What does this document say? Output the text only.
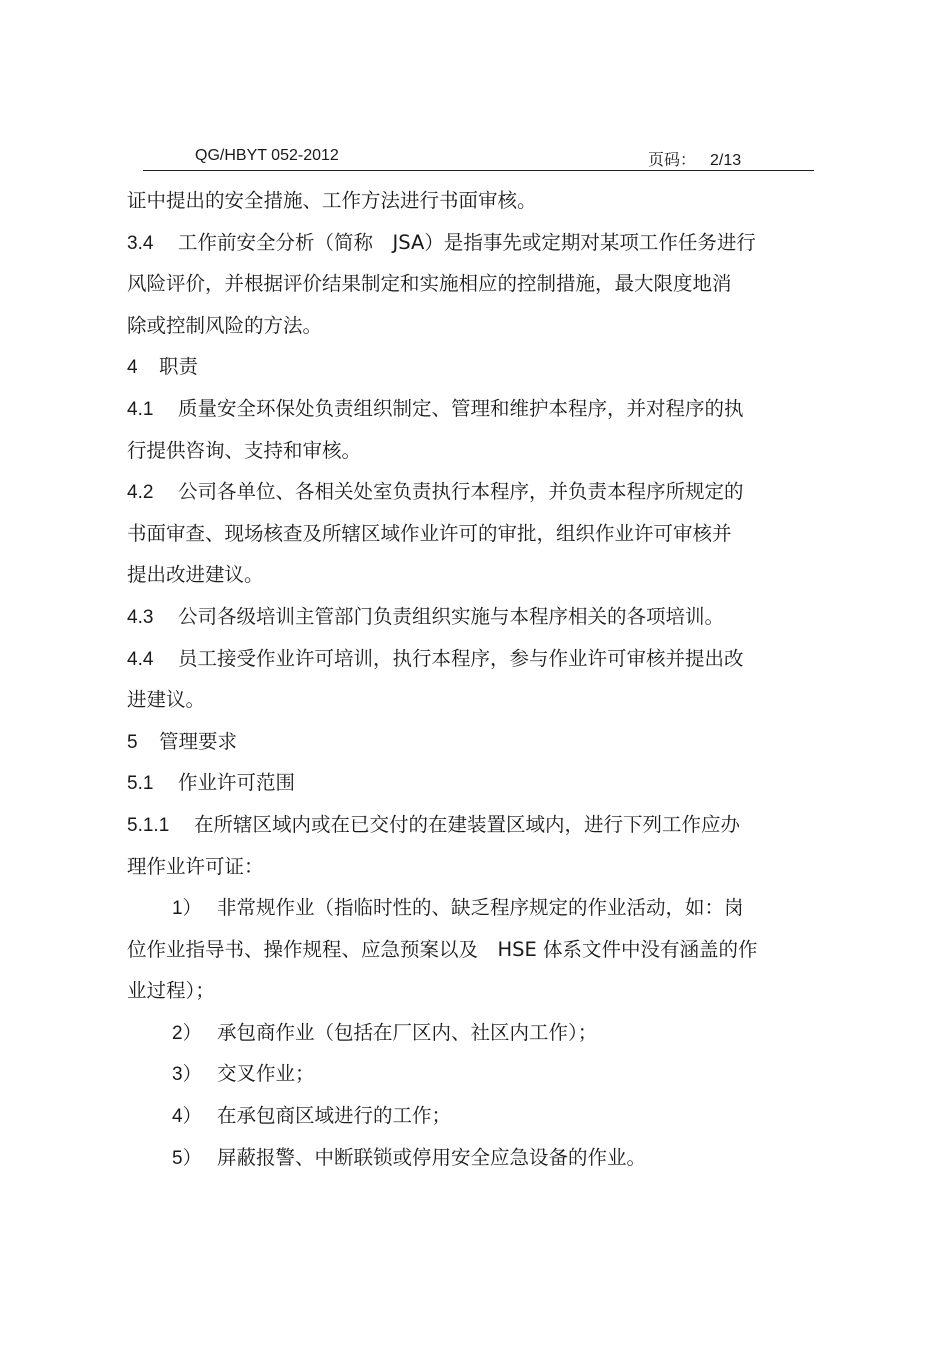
QG/HBYT 052-2012	页码： 2/13
证中提出的安全措施、工作方法进行书面审核。
3.4 工作前安全分析（简称　JSA）是指事先或定期对某项工作任务进行
风险评价，并根据评价结果制定和实施相应的控制措施，最大限度地消
除或控制风险的方法。
4 职责
4.1 质量安全环保处负责组织制定、管理和维护本程序，并对程序的执
行提供咨询、支持和审核。
4.2 公司各单位、各相关处室负责执行本程序，并负责本程序所规定的
书面审查、现场核查及所辖区域作业许可的审批，组织作业许可审核并
提出改进建议。
4.3 公司各级培训主管部门负责组织实施与本程序相关的各项培训。
4.4 员工接受作业许可培训，执行本程序，参与作业许可审核并提出改
进建议。
5 管理要求
5.1 作业许可范围
5.1.1 在所辖区域内或在已交付的在建装置区域内，进行下列工作应办
理作业许可证：
1） 非常规作业（指临时性的、缺乏程序规定的作业活动，如：岗
位作业指导书、操作规程、应急预案以及　HSE 体系文件中没有涵盖的作
业过程）；
2） 承包商作业（包括在厂区内、社区内工作）；
3） 交叉作业；
4） 在承包商区域进行的工作；
5） 屏蔽报警、中断联锁或停用安全应急设备的作业。
